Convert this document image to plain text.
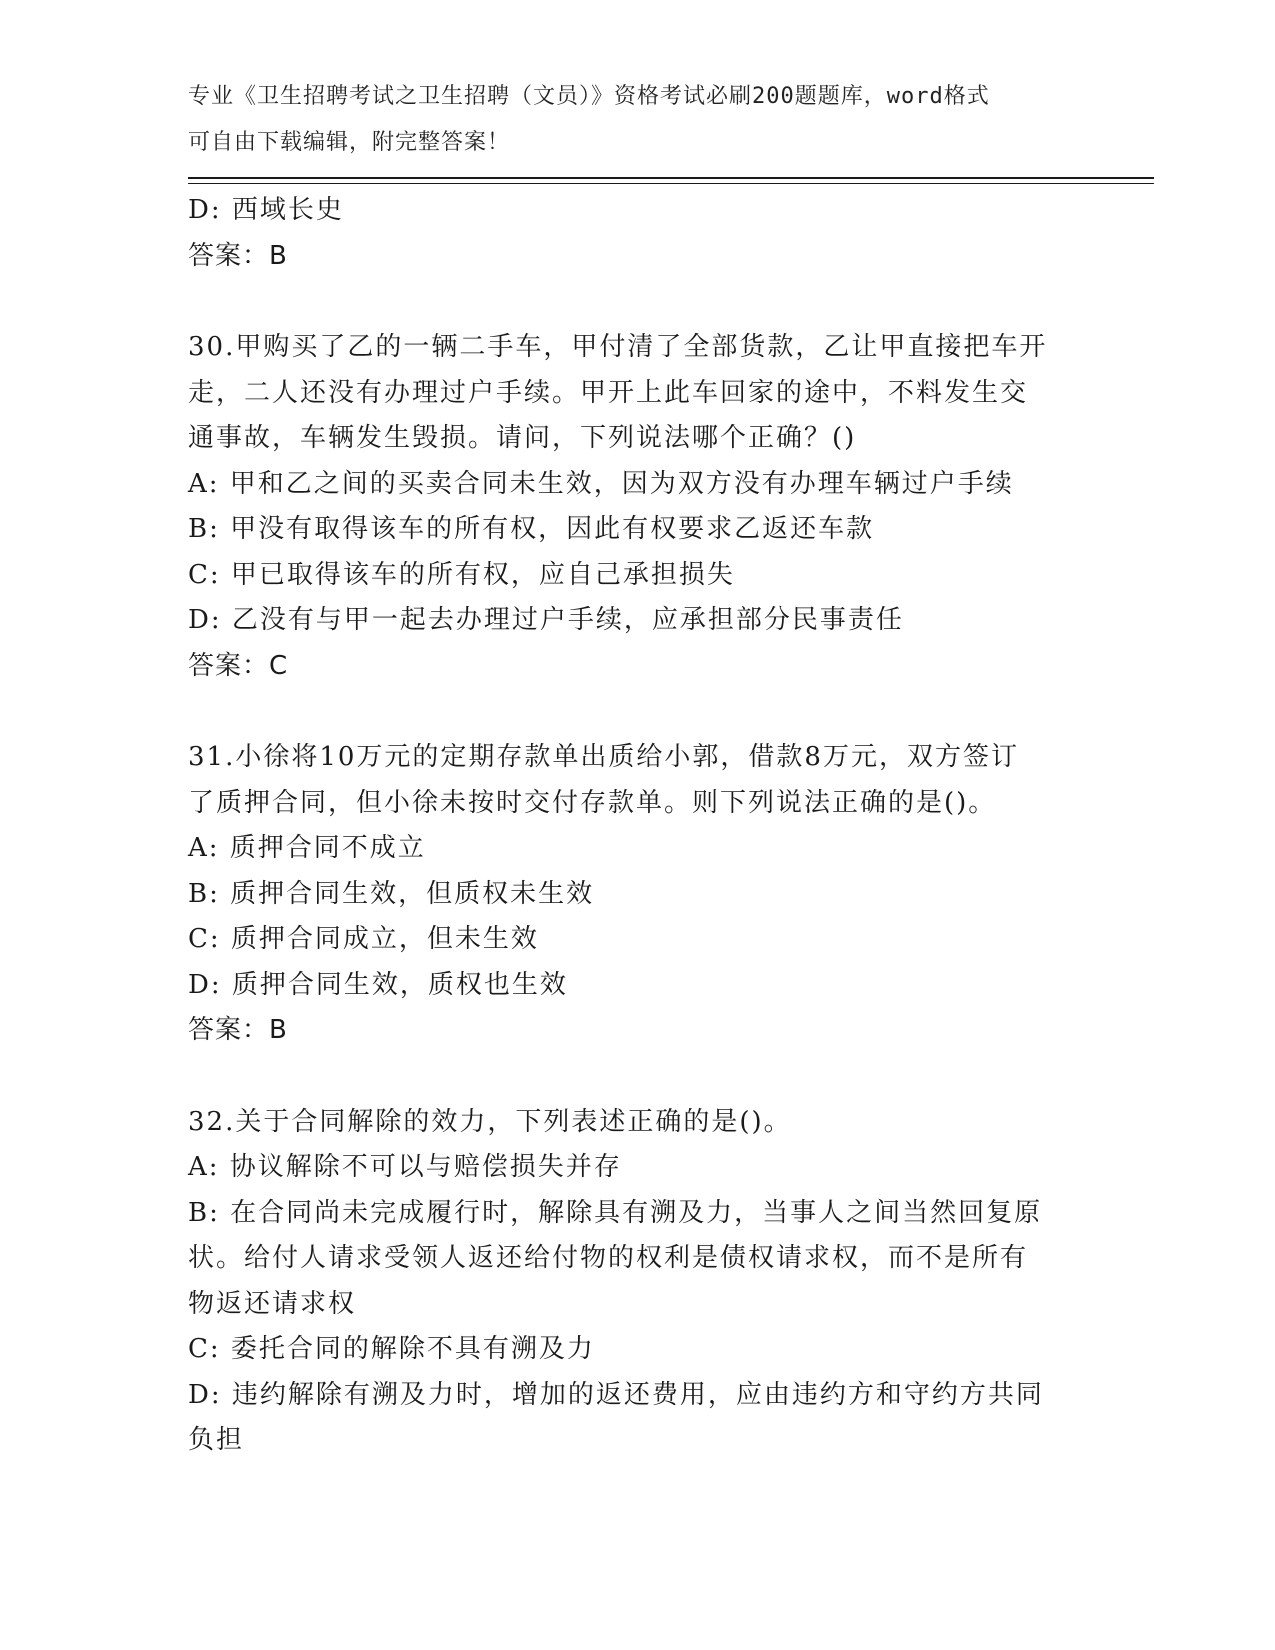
专业《卫生招聘考试之卫生招聘（文员）》资格考试必刷200题题库，word格式
可自由下载编辑，附完整答案！
D: 西域长史
答案：B
30.甲购买了乙的一辆二手车，甲付清了全部货款，乙让甲直接把车开
走，二人还没有办理过户手续。甲开上此车回家的途中，不料发生交
通事故，车辆发生毁损。请问，下列说法哪个正确？()
A: 甲和乙之间的买卖合同未生效，因为双方没有办理车辆过户手续
B: 甲没有取得该车的所有权，因此有权要求乙返还车款
C: 甲已取得该车的所有权，应自己承担损失
D: 乙没有与甲一起去办理过户手续，应承担部分民事责任
答案：C
31.小徐将10万元的定期存款单出质给小郭，借款8万元，双方签订
了质押合同，但小徐未按时交付存款单。则下列说法正确的是()。
A: 质押合同不成立
B: 质押合同生效，但质权未生效
C: 质押合同成立，但未生效
D: 质押合同生效，质权也生效
答案：B
32.关于合同解除的效力，下列表述正确的是()。
A: 协议解除不可以与赔偿损失并存
B: 在合同尚未完成履行时，解除具有溯及力，当事人之间当然回复原
状。给付人请求受领人返还给付物的权利是债权请求权，而不是所有
物返还请求权
C: 委托合同的解除不具有溯及力
D: 违约解除有溯及力时，增加的返还费用，应由违约方和守约方共同
负担
